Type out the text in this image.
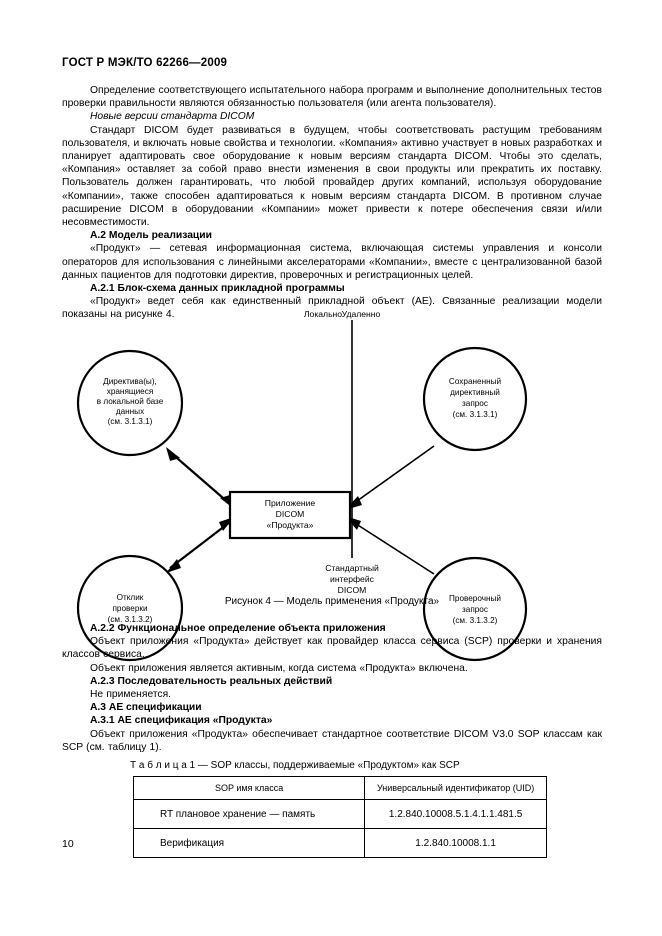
ГОСТ Р МЭК/ТО 62266—2009

Определение соответствующего испытательного набора программ и выполнение дополнительных тестов проверки правильности являются обязанностью пользователя (или агента пользователя).

Новые версии стандарта DICOM

Стандарт DICOM будет развиваться в будущем, чтобы соответствовать растущим требованиям пользователя, и включать новые свойства и технологии. «Компания» активно участвует в новых разработках и планирует адаптировать свое оборудование к новым версиям стандарта DICOM. Чтобы это сделать, «Компания» оставляет за собой право внести изменения в свои продукты или прекратить их поставку. Пользователь должен гарантировать, что любой провайдер других компаний, используя оборудование «Компании», также способен адаптироваться к новым версиям стандарта DICOM. В противном случае расширение DICOM в оборудовании «Компании» может привести к потере обеспечения связи и/или несовместимости.

А.2 Модель реализации

«Продукт» — сетевая информационная система, включающая системы управления и консоли операторов для использования с линейными акселераторами «Компании», вместе с централизованной базой данных пациентов для подготовки директив, проверочных и регистрационных целей.

А.2.1 Блок-схема данных прикладной программы

«Продукт» ведет себя как единственный прикладной объект (АЕ). Связанные реализации модели показаны на рисунке 4.

Приложение
DICOM
«Продукта»
Директива(ы),
хранящиеся
в локальной базе
данных
(см. 3.1.3.1)
Сохраненный
директивный
запрос
(см. 3.1.3.1)
Отклик
проверки
(см. 3.1.3.2)
Проверочный
запрос
(см. 3.1.3.2)
Локально Удаленно
Стандартный
интерфейс
DICOM
Рисунок 4 — Модель применения «Продукта»

А.2.2 Функциональное определение объекта приложения

Объект приложения «Продукта» действует как провайдер класса сервиса (SCP) проверки и хранения классов сервиса.

Объект приложения является активным, когда система «Продукта» включена.

А.2.3 Последовательность реальных действий

Не применяется.

А.3 АЕ спецификации

А.3.1 АЕ спецификация «Продукта»

Объект приложения «Продукта» обеспечивает стандартное соответствие DICOM V3.0 SOP классам как SCP (см. таблицу 1).

Т а б л и ц а 1 — SOP классы, поддерживаемые «Продуктом» как SCP
SOP имя класса	Универсальный идентификатор (UID)
RT плановое хранение — память	1.2.840.10008.5.1.4.1.1.481.5
Верификация	1.2.840.10008.1.1
10
